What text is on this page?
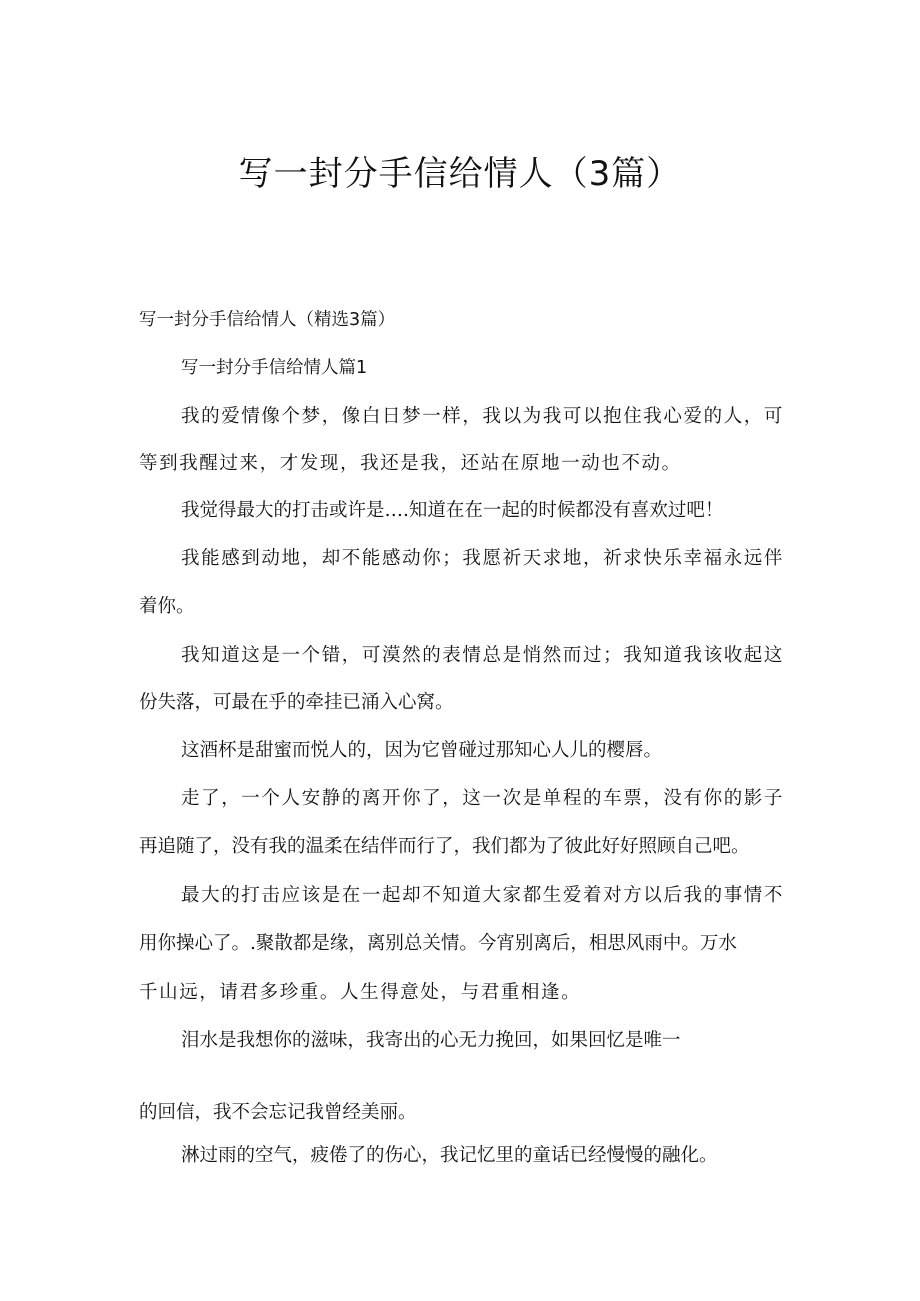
写一封分手信给情人（3篇）

写一封分手信给情人（精选3篇）

写一封分手信给情人篇1

我的爱情像个梦，像白日梦一样，我以为我可以抱住我心爱的人，可

等到我醒过来，才发现，我还是我，还站在原地一动也不动。

我觉得最大的打击或许是….知道在在一起的时候都没有喜欢过吧！

我能感到动地，却不能感动你；我愿祈天求地，祈求快乐幸福永远伴

着你。

我知道这是一个错，可漠然的表情总是悄然而过；我知道我该收起这

份失落，可最在乎的牵挂已涌入心窝。

这酒杯是甜蜜而悦人的，因为它曾碰过那知心人儿的樱唇。

走了，一个人安静的离开你了，这一次是单程的车票，没有你的影子

再追随了，没有我的温柔在结伴而行了，我们都为了彼此好好照顾自己吧。

最大的打击应该是在一起却不知道大家都生爱着对方以后我的事情不

用你操心了。.聚散都是缘，离别总关情。今宵别离后，相思风雨中。万水

千山远，请君多珍重。人生得意处，与君重相逢。

泪水是我想你的滋味，我寄出的心无力挽回，如果回忆是唯一

的回信，我不会忘记我曾经美丽。

淋过雨的空气，疲倦了的伤心，我记忆里的童话已经慢慢的融化。
